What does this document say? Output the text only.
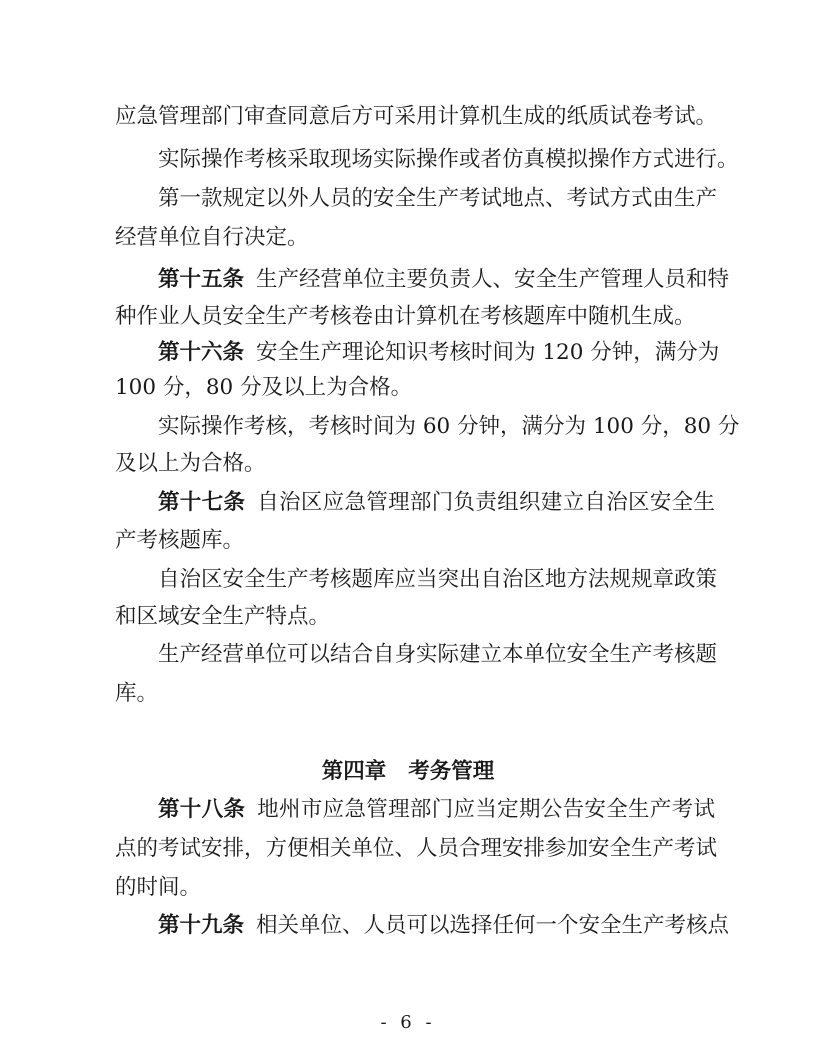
应急管理部门审查同意后方可采用计算机生成的纸质试卷考试。
实际操作考核采取现场实际操作或者仿真模拟操作方式进行。
第一款规定以外人员的安全生产考试地点、考试方式由生产
经营单位自行决定。
第十五条 生产经营单位主要负责人、安全生产管理人员和特
种作业人员安全生产考核卷由计算机在考核题库中随机生成。
第十六条 安全生产理论知识考核时间为 120 分钟，满分为
100 分，80 分及以上为合格。
实际操作考核，考核时间为 60 分钟，满分为 100 分，80 分
及以上为合格。
第十七条 自治区应急管理部门负责组织建立自治区安全生
产考核题库。
自治区安全生产考核题库应当突出自治区地方法规规章政策
和区域安全生产特点。
生产经营单位可以结合自身实际建立本单位安全生产考核题
库。
第四章 考务管理
第十八条 地州市应急管理部门应当定期公告安全生产考试
点的考试安排，方便相关单位、人员合理安排参加安全生产考试
的时间。
第十九条 相关单位、人员可以选择任何一个安全生产考核点
- 6 -
